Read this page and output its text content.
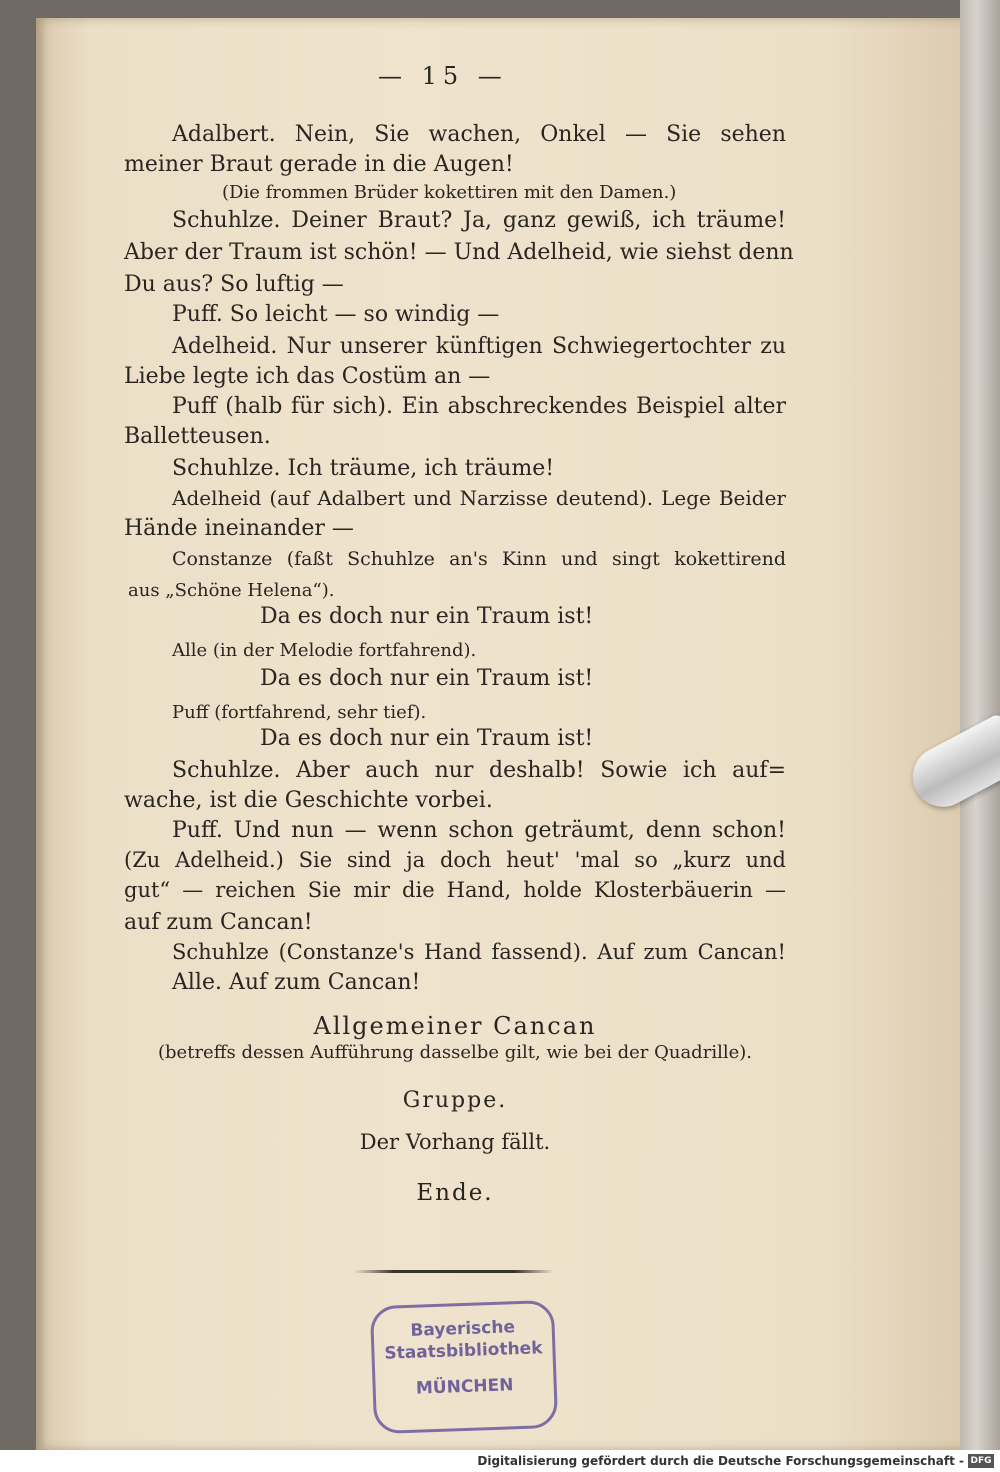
— 15 —
Adalbert. Nein, Sie wachen, Onkel — Sie sehen
meiner Braut gerade in die Augen!
(Die frommen Brüder kokettiren mit den Damen.)
Schuhlze. Deiner Braut? Ja, ganz gewiß, ich träume!
Aber der Traum ist schön! — Und Adelheid, wie siehst denn
Du aus? So luftig —
Puff. So leicht — so windig —
Adelheid. Nur unserer künftigen Schwiegertochter zu
Liebe legte ich das Costüm an —
Puff (halb für sich). Ein abschreckendes Beispiel alter
Balletteusen.
Schuhlze. Ich träume, ich träume!
Adelheid (auf Adalbert und Narzisse deutend). Lege Beider
Hände ineinander —
Constanze (faßt Schuhlze an's Kinn und singt kokettirend
aus „Schöne Helena“).
Da es doch nur ein Traum ist!
Alle (in der Melodie fortfahrend).
Da es doch nur ein Traum ist!
Puff (fortfahrend, sehr tief).
Da es doch nur ein Traum ist!
Schuhlze. Aber auch nur deshalb! Sowie ich auf=
wache, ist die Geschichte vorbei.
Puff. Und nun — wenn schon geträumt, denn schon!
(Zu Adelheid.) Sie sind ja doch heut' 'mal so „kurz und
gut“ — reichen Sie mir die Hand, holde Klosterbäuerin —
auf zum Cancan!
Schuhlze (Constanze's Hand fassend). Auf zum Cancan!
Alle. Auf zum Cancan!
Allgemeiner Cancan
(betreffs dessen Aufführung dasselbe gilt, wie bei der Quadrille).
Gruppe.
Der Vorhang fällt.
Ende.
Bayerische
Staatsbibliothek
MÜNCHEN
Digitalisierung gefördert durch die Deutsche Forschungsgemeinschaft - DFG
